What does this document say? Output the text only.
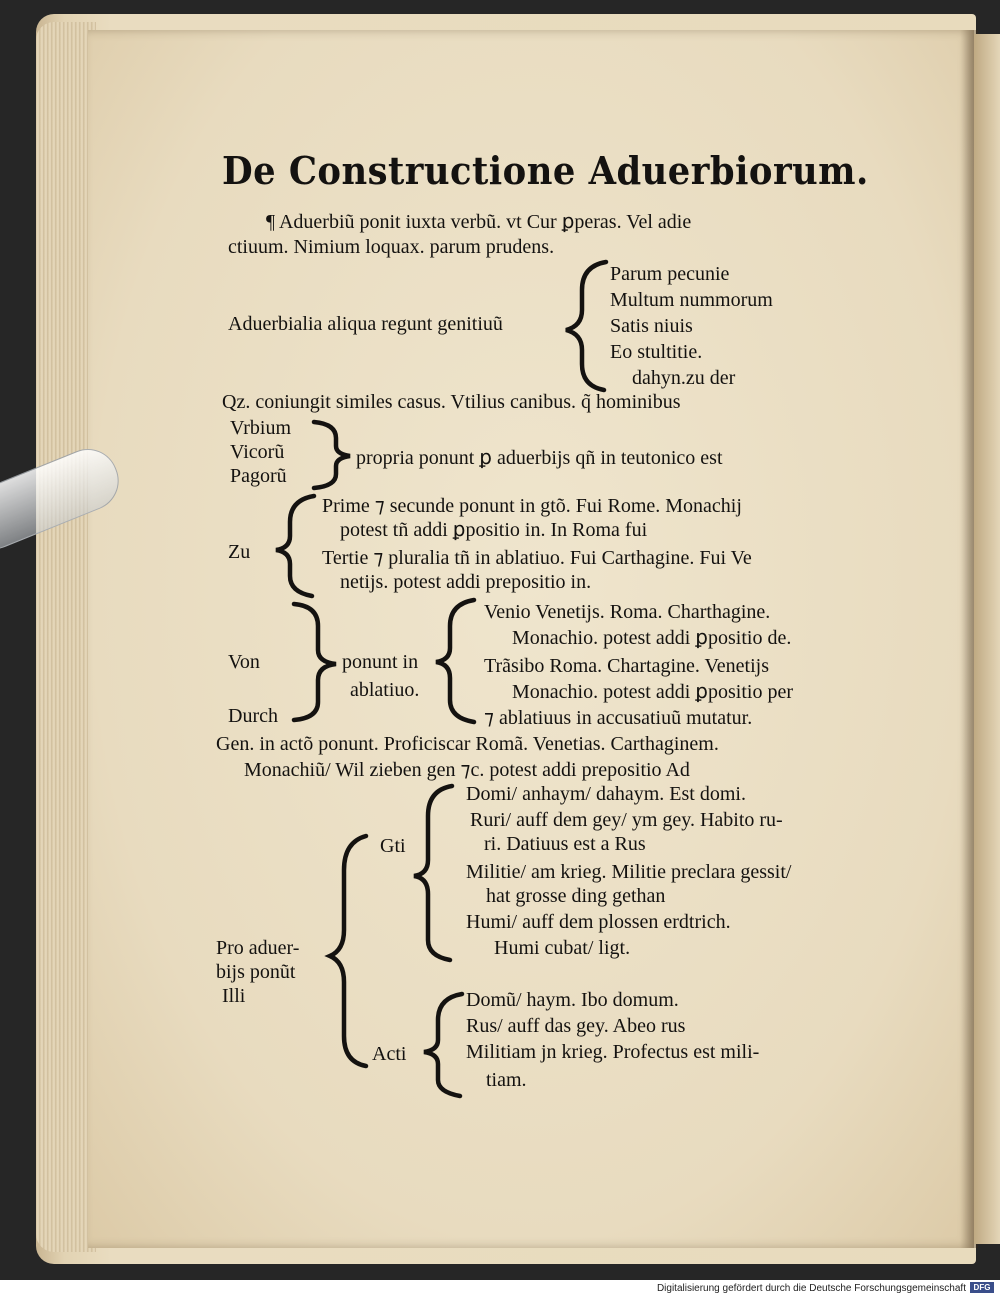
De Constructione Aduerbiorum.
¶ Aduerbiũ ponit iuxta verbũ. vt Cur ꝑperas. Vel adie
ctiuum. Nimium loquax. parum prudens.
Aduerbialia aliqua regunt genitiuũ
Parum pecunie
Multum nummorum
Satis niuis
Eo stultitie.
dahyn.zu der
Qz. coniungit similes casus. Vtilius canibus. q̃ hominibus
Vrbium
Vicorũ
Pagorũ
propria ponunt ꝑ aduerbijs qñ in teutonico est
Zu
Prime ⁊ secunde ponunt in gtõ. Fui Rome. Monachij
potest tñ addi ꝑpositio in. In Roma fui
Tertie ⁊ pluralia tñ in ablatiuo. Fui Carthagine. Fui Ve
netijs. potest addi prepositio in.
Von
Durch
ponunt in
ablatiuo.
Venio Venetijs. Roma. Charthagine.
Monachio. potest addi ꝑpositio de.
Trãsibo Roma. Chartagine. Venetijs
Monachio. potest addi ꝑpositio per
⁊ ablatiuus in accusatiuũ mutatur.
Gen. in actõ ponunt. Proficiscar Romã. Venetias. Carthaginem.
Monachiũ/ Wil zieben gen ⁊c. potest addi prepositio Ad
Pro aduer-
bijs ponũt
Illi
Gti
Domi/ anhaym/ dahaym. Est domi.
Ruri/ auff dem gey/ ym gey. Habito ru-
ri. Datiuus est a Rus
Militie/ am krieg. Militie preclara gessit/
hat grosse ding gethan
Humi/ auff dem plossen erdtrich.
Humi cubat/ ligt.
Acti
Domũ/ haym. Ibo domum.
Rus/ auff das gey. Abeo rus
Militiam jn krieg. Profectus est mili-
tiam.
Digitalisierung gefördert durch die Deutsche Forschungsgemeinschaft DFG
